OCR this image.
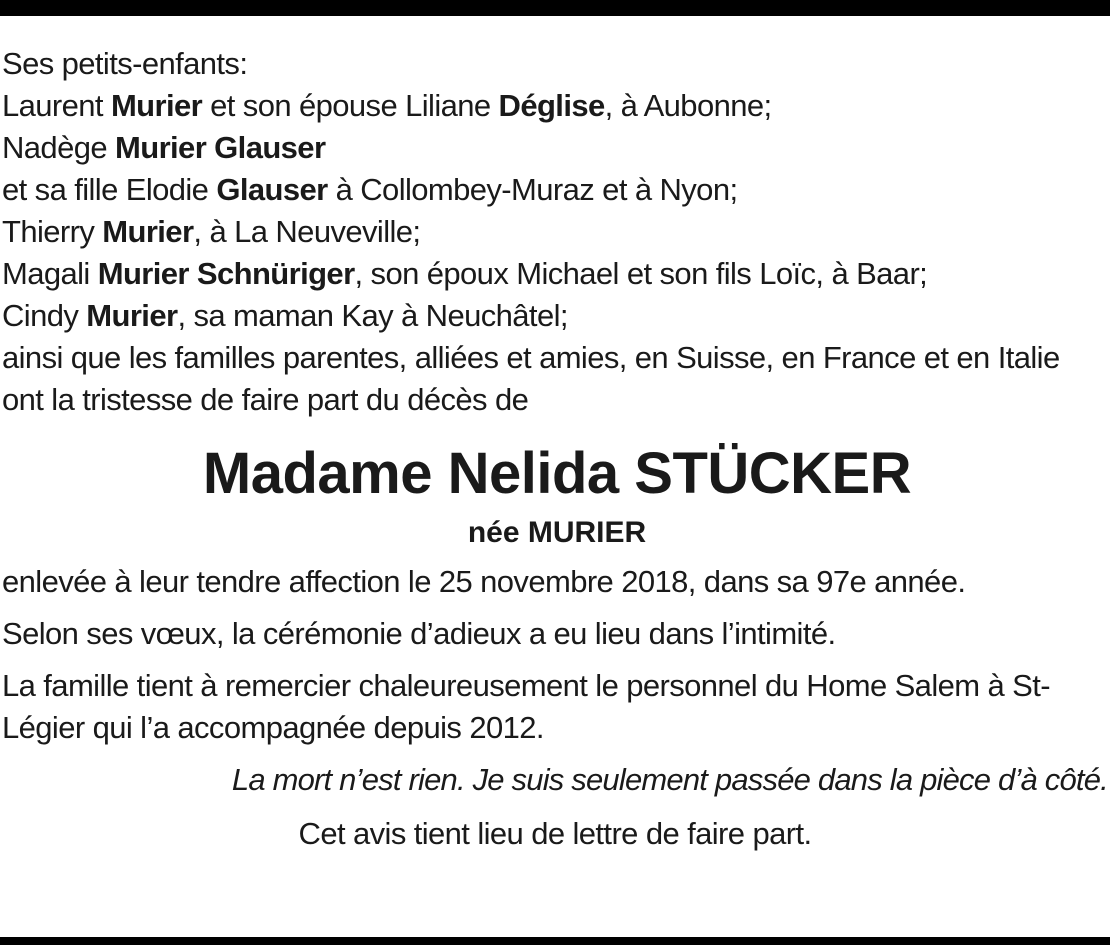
Ses petits-enfants:
Laurent Murier et son épouse Liliane Déglise, à Aubonne;
Nadège Murier Glauser
et sa fille Elodie Glauser à Collombey-Muraz et à Nyon;
Thierry Murier, à La Neuveville;
Magali Murier Schnüriger, son époux Michael et son fils Loïc, à Baar;
Cindy Murier, sa maman Kay à Neuchâtel;
ainsi que les familles parentes, alliées et amies, en Suisse, en France et en Italie
ont la tristesse de faire part du décès de
Madame Nelida STÜCKER
née MURIER
enlevée à leur tendre affection le 25 novembre 2018, dans sa 97e année.
Selon ses vœux, la cérémonie d’adieux a eu lieu dans l’intimité.
La famille tient à remercier chaleureusement le personnel du Home Salem à St-Légier qui l’a accompagnée depuis 2012.
La mort n’est rien. Je suis seulement passée dans la pièce d’à côté.
Cet avis tient lieu de lettre de faire part.
